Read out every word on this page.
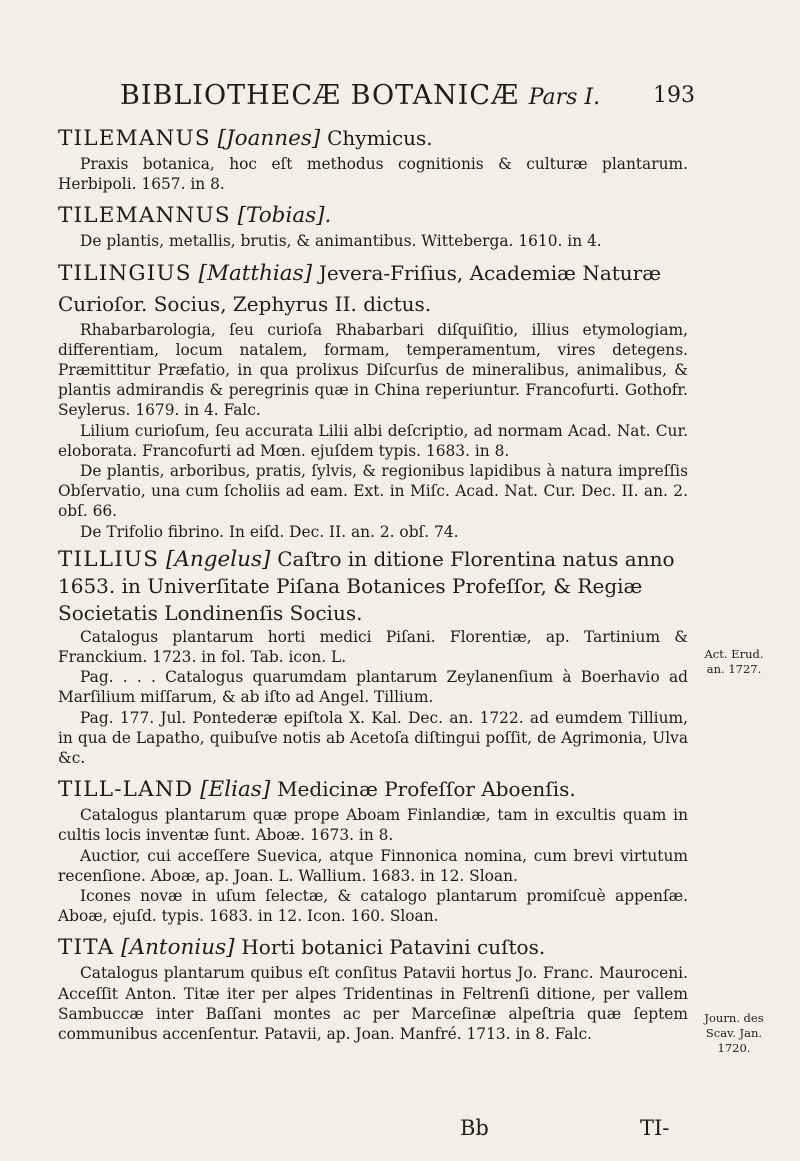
BIBLIOTHECÆ BOTANICÆ Pars I. 193
TILEMANUS [Joannes] Chymicus.

Praxis botanica, hoc eſt methodus cognitionis & culturæ plantarum. Herbipoli. 1657. in 8.

TILEMANNUS [Tobias].

De plantis, metallis, brutis, & animantibus. Witteberga. 1610. in 4.

TILINGIUS [Matthias] Jevera-Friſius, Academiæ Naturæ Curioſor. Socius, Zephyrus II. dictus.

Rhabarbarologia, ſeu curioſa Rhabarbari diſquiſitio, illius etymologiam, differentiam, locum natalem, formam, temperamentum, vires detegens. Præmittitur Præfatio, in qua prolixus Diſcurſus de mineralibus, animalibus, & plantis admirandis & peregrinis quæ in China reperiuntur. Francofurti. Gothofr. Seylerus. 1679. in 4. Falc.

Lilium curioſum, ſeu accurata Lilii albi deſcriptio, ad normam Acad. Nat. Cur. eloborata. Francofurti ad Mœn. ejuſdem typis. 1683. in 8.

De plantis, arboribus, pratis, ſylvis, & regionibus lapidibus à natura impreſſis Obſervatio, una cum ſcholiis ad eam. Ext. in Miſc. Acad. Nat. Cur. Dec. II. an. 2. obſ. 66.

De Trifolio fibrino. In eiſd. Dec. II. an. 2. obſ. 74.

TILLIUS [Angelus] Caſtro in ditione Florentina natus anno 1653. in Univerſitate Piſana Botanices Profeſſor, & Regiæ Societatis Londinenſis Socius.

Catalogus plantarum horti medici Piſani. Florentiæ, ap. Tartinium & Franckium. 1723. in fol. Tab. icon. L.

Pag. . . . Catalogus quarumdam plantarum Zeylanenſium à Boerhavio ad Marſilium miſſarum, & ab iſto ad Angel. Tillium.

Pag. 177. Jul. Pontederæ epiſtola X. Kal. Dec. an. 1722. ad eumdem Tillium, in qua de Lapatho, quibuſve notis ab Acetoſa diſtingui poſſit, de Agrimonia, Ulva &c.

TILL-LAND [Elias] Medicinæ Profeſſor Aboenſis.

Catalogus plantarum quæ prope Aboam Finlandiæ, tam in excultis quam in cultis locis inventæ ſunt. Aboæ. 1673. in 8.

Auctior, cui acceſſere Suevica, atque Finnonica nomina, cum brevi virtutum recenſione. Aboæ, ap. Joan. L. Wallium. 1683. in 12. Sloan.

Icones novæ in uſum ſelectæ, & catalogo plantarum promiſcuè appenſæ. Aboæ, ejuſd. typis. 1683. in 12. Icon. 160. Sloan.

TITA [Antonius] Horti botanici Patavini cuſtos.

Catalogus plantarum quibus eſt conſitus Patavii hortus Jo. Franc. Mauroceni. Acceſſit Anton. Titæ iter per alpes Tridentinas in Feltrenſi ditione, per vallem Sambuccæ inter Baſſani montes ac per Marceſinæ alpeſtria quæ ſeptem communibus accenſentur. Patavii, ap. Joan. Manfré. 1713. in 8. Falc.

Act. Erud. an. 1727.
Journ. des Scav. Jan. 1720.
Bb	TI-
